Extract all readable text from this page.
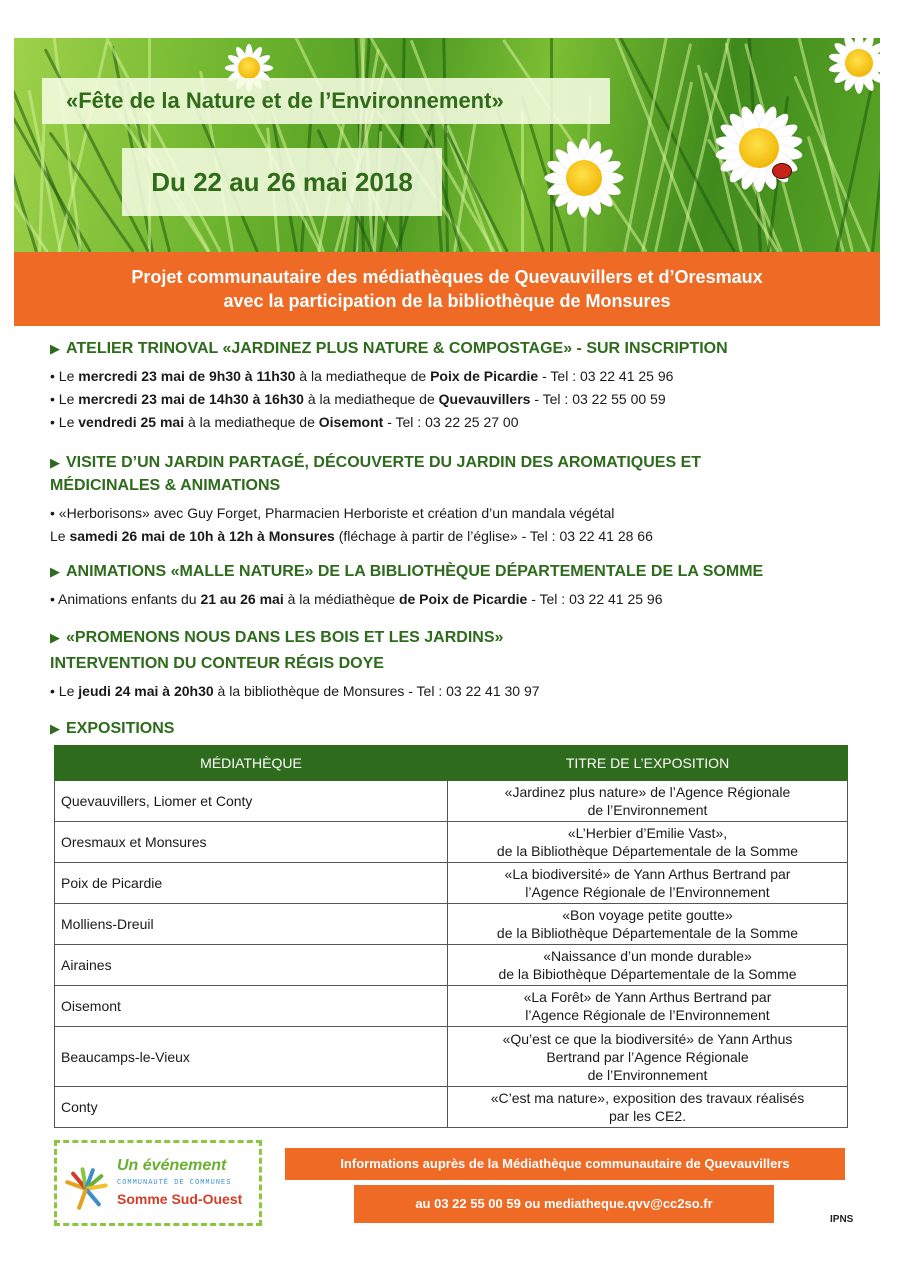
«Fête de la Nature et de l’Environnement»
Du 22 au 26 mai 2018
Projet communautaire des médiathèques de Quevauvillers et d’Oresmaux
avec la participation de la bibliothèque de Monsures
▶ ATELIER TRINOVAL «JARDINEZ PLUS NATURE & COMPOSTAGE» - SUR INSCRIPTION
• Le mercredi 23 mai de 9h30 à 11h30 à la mediatheque de Poix de Picardie - Tel : 03 22 41 25 96
• Le mercredi 23 mai de 14h30 à 16h30 à la mediatheque de Quevauvillers - Tel : 03 22 55 00 59
• Le vendredi 25 mai à la mediatheque de Oisemont - Tel : 03 22 25 27 00
▶ VISITE D’UN JARDIN PARTAGÉ, DÉCOUVERTE DU JARDIN DES AROMATIQUES ET
MÉDICINALES & ANIMATIONS
• «Herborisons» avec Guy Forget, Pharmacien Herboriste et création d’un mandala végétal
Le samedi 26 mai de 10h à 12h à Monsures (fléchage à partir de l’église» - Tel : 03 22 41 28 66
▶ ANIMATIONS «MALLE NATURE» DE LA BIBLIOTHÈQUE DÉPARTEMENTALE DE LA SOMME
• Animations enfants du 21 au 26 mai à la médiathèque de Poix de Picardie - Tel : 03 22 41 25 96
▶ «PROMENONS NOUS DANS LES BOIS ET LES JARDINS»
INTERVENTION DU CONTEUR RÉGIS DOYE
• Le jeudi 24 mai à 20h30 à la bibliothèque de Monsures - Tel : 03 22 41 30 97
▶ EXPOSITIONS
MÉDIATHÈQUE	TITRE DE L’EXPOSITION
Quevauvillers, Liomer et Conty	«Jardinez plus nature» de l’Agence Régionale
de l’Environnement

Oresmaux et Monsures	«L’Herbier d’Emilie Vast»,
de la Bibliothèque Départementale de la Somme

Poix de Picardie	«La biodiversité» de Yann Arthus Bertrand par
l’Agence Régionale de l’Environnement

Molliens-Dreuil	«Bon voyage petite goutte»
de la Bibliothèque Départementale de la Somme

Airaines	«Naissance d’un monde durable»
de la Bibiothèque Départementale de la Somme

Oisemont	«La Forêt» de Yann Arthus Bertrand par
l’Agence Régionale de l’Environnement

Beaucamps-le-Vieux	«Qu’est ce que la biodiversité» de Yann Arthus
Bertrand par l’Agence Régionale
de l’Environnement

Conty	«C’est ma nature», exposition des travaux réalisés
par les CE2.
Un événement
COMMUNAUTÉ DE COMMUNES
Somme Sud-Ouest
Informations auprès de la Médiathèque communautaire de Quevauvillers
au 03 22 55 00 59 ou mediatheque.qvv@cc2so.fr
IPNS
